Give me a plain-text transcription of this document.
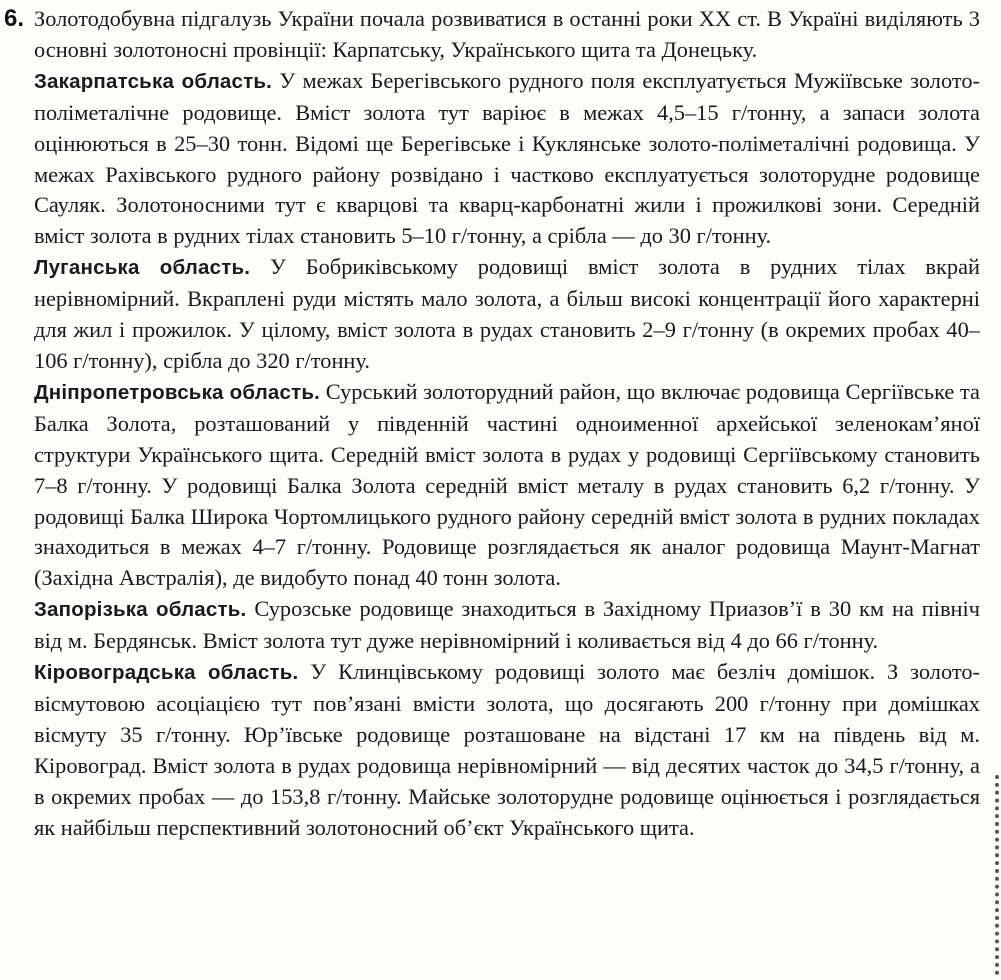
6. Золотодобувна підгалузь України почала розвиватися в останні роки XX ст. В Україні виділяють 3 основні золотоносні провінції: Карпатську, Українського щита та Донецьку.

Закарпатська область. У межах Берегівського рудного поля експлуатується Мужіївське золото-поліметалічне родовище. Вміст золота тут варіює в межах 4,5–15 г/тонну, а запаси золота оцінюються в 25–30 тонн. Відомі ще Берегівське і Куклянське золото-поліметалічні родовища. У межах Рахівського рудного району розвідано і частково експлуатується золоторудне родовище Сауляк. Золотоносними тут є кварцові та кварц-карбонатні жили і прожилкові зони. Середній вміст золота в рудних тілах становить 5–10 г/тонну, а срібла — до 30 г/тонну.

Луганська область. У Бобриківському родовищі вміст золота в рудних тілах вкрай нерівномірний. Вкраплені руди містять мало золота, а більш високі концентрації його характерні для жил і прожилок. У цілому, вміст золота в рудах становить 2–9 г/тонну (в окремих пробах 40–106 г/тонну), срібла до 320 г/тонну.

Дніпропетровська область. Сурський золоторудний район, що включає родовища Сергіївське та Балка Золота, розташований у південній частині одноименної архейської зеленокам’яної структури Українського щита. Середній вміст золота в рудах у родовищі Сергіївському становить 7–8 г/тонну. У родовищі Балка Золота середній вміст металу в рудах становить 6,2 г/тонну. У родовищі Балка Широка Чортомлицького рудного району середній вміст золота в рудних покладах знаходиться в межах 4–7 г/тонну. Родовище розглядається як аналог родовища Маунт-Магнат (Західна Австралія), де видобуто понад 40 тонн золота.

Запорізька область. Сурозське родовище знаходиться в Західному Приазов’ї в 30 км на північ від м. Бердянськ. Вміст золота тут дуже нерівномірний і коливається від 4 до 66 г/тонну.

Кіровоградська область. У Клинцівському родовищі золото має безліч домішок. З золото-вісмутовою асоціацією тут пов’язані вмісти золота, що досягають 200 г/тонну при домішках вісмуту 35 г/тонну. Юр’ївське родовище розташоване на відстані 17 км на південь від м. Кіровоград. Вміст золота в рудах родовища нерівномірний — від десятих часток до 34,5 г/тонну, а в окремих пробах — до 153,8 г/тонну. Майське золоторудне родовище оцінюється і розглядається як найбільш перспективний золотоносний об’єкт Українського щита.
